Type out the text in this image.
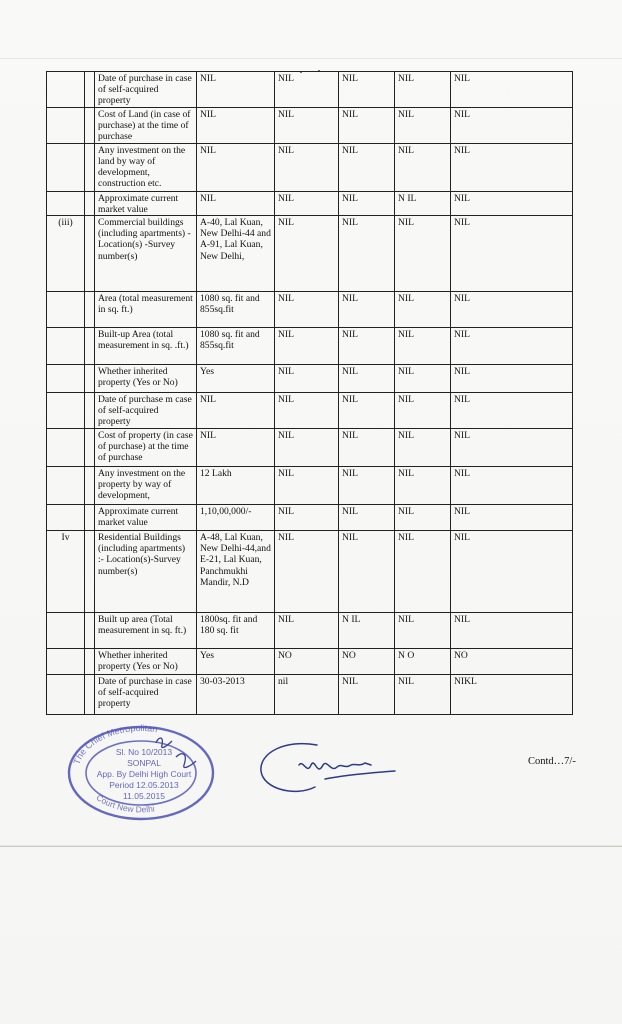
		Date of purchase in case of self-acquired property	NIL	NIL	NIL	NIL	NIL
		Cost of Land (in case of purchase) at the time of purchase	NIL	NIL	NIL	NIL	NIL
		Any investment on the land by way of development, construction etc.	NIL	NIL	NIL	NIL	NIL
		Approximate current market value	NIL	NIL	NIL	N IL	NIL
(iii)		Commercial buildings (including apartments) -Location(s) -Survey number(s)	A-40, Lal Kuan, New Delhi-44 and A-91, Lal Kuan, New Delhi,	NIL	NIL	NIL	NIL
		Area (total measurement in sq. ft.)	1080 sq. fit and 855sq.fit	NIL	NIL	NIL	NIL
		Built-up Area (total measurement in sq. .ft.)	1080 sq. fit and 855sq.fit	NIL	NIL	NIL	NIL
		Whether inherited property (Yes or No)	Yes	NIL	NIL	NIL	NIL
		Date of purchase m case of self-acquired property	NIL	NIL	NIL	NIL	NIL
		Cost of property (in case of purchase) at the time of purchase	NIL	NIL	NIL	NIL	NIL
		Any investment on the property by way of development,	12 Lakh	NIL	NIL	NIL	NIL
		Approximate current market value	1,10,00,000/-	NIL	NIL	NIL	NIL
Iv		Residential Buildings (including apartments) :- Location(s)-Survey number(s)	A-48, Lal Kuan, New Delhi-44,and E-21, Lal Kuan, Panchmukhi Mandir, N.D	NIL	NIL	NIL	NIL
		Built up area (Total measurement in sq. ft.)	1800sq. fit and 180 sq. fit	NIL	N IL	NIL	NIL
		Whether inherited property (Yes or No)	Yes	NO	NO	N O	NO
		Date of purchase in case of self-acquired property	30-03-2013	nil	NIL	NIL	NIKL
The Chief Metropolitan
Court New Delhi
Sl. No 10/2013
SONPAL
App. By Delhi High Court
Period 12.05.2013
11.05.2015
Contd…7/-
